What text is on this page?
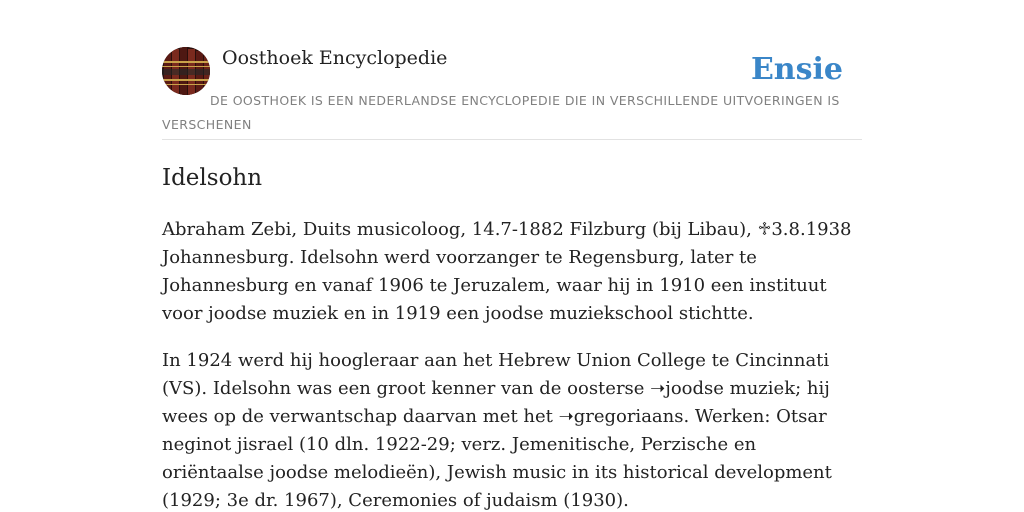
Oosthoek Encyclopedie	Ensie
DE OOSTHOEK IS EEN NEDERLANDSE ENCYCLOPEDIE DIE IN VERSCHILLENDE UITVOERINGEN IS VERSCHENEN
Idelsohn

Abraham Zebi, Duits musicoloog, 14.7-1882 Filzburg (bij Libau), ♱3.8.1938 Johannesburg. Idelsohn werd voorzanger te Regensburg, later te Johannesburg en vanaf 1906 te Jeruzalem, waar hij in 1910 een instituut voor joodse muziek en in 1919 een joodse muziekschool stichtte.

In 1924 werd hij hoogleraar aan het Hebrew Union College te Cincinnati (VS). Idelsohn was een groot kenner van de oosterse ➝joodse muziek; hij wees op de verwantschap daarvan met het ➝gregoriaans. Werken: Otsar neginot jisrael (10 dln. 1922-29; verz. Jemenitische, Perzische en oriëntaalse joodse melodieën), Jewish music in its historical development (1929; 3e dr. 1967), Ceremonies of judaism (1930).
